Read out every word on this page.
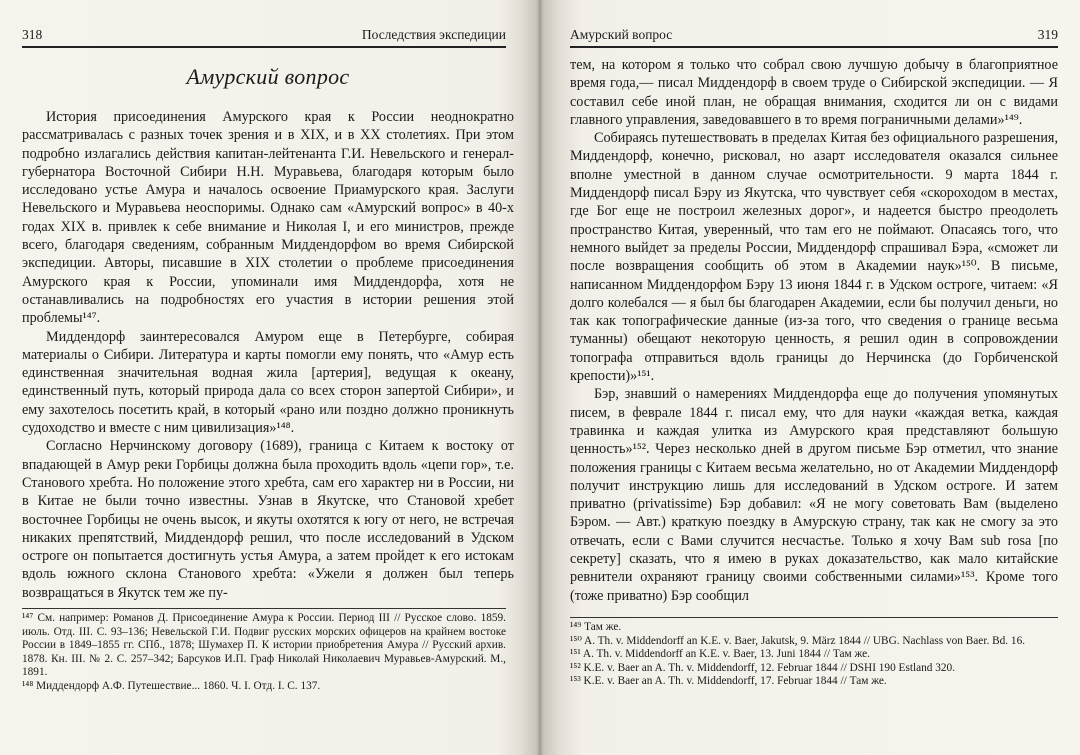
318	Последствия экспедиции
Амурский вопрос

История присоединения Амурского края к России неоднократно рассматривалась с разных точек зрения и в XIX, и в XX столетиях. При этом подробно излагались действия капитан-лейтенанта Г.И. Невельского и генерал-губернатора Восточной Сибири Н.Н. Муравьева, благодаря которым было исследовано устье Амура и началось освоение Приамурского края. Заслуги Невельского и Муравьева неоспоримы. Однако сам «Амурский вопрос» в 40-х годах XIX в. привлек к себе внимание и Николая I, и его министров, прежде всего, благодаря сведениям, собранным Миддендорфом во время Сибирской экспедиции. Авторы, писавшие в XIX столетии о проблеме присоединения Амурского края к России, упоминали имя Миддендорфа, хотя не останавливались на подробностях его участия в истории решения этой проблемы¹⁴⁷.

Миддендорф заинтересовался Амуром еще в Петербурге, собирая материалы о Сибири. Литература и карты помогли ему понять, что «Амур есть единственная значительная водная жила [артерия], ведущая к океану, единственный путь, который природа дала со всех сторон запертой Сибири», и ему захотелось посетить край, в который «рано или поздно должно проникнуть судоходство и вместе с ним цивилизация»¹⁴⁸.

Согласно Нерчинскому договору (1689), граница с Китаем к востоку от впадающей в Амур реки Горбицы должна была проходить вдоль «цепи гор», т.е. Станового хребта. Но положение этого хребта, сам его характер ни в России, ни в Китае не были точно известны. Узнав в Якутске, что Становой хребет восточнее Горбицы не очень высок, и якуты охотятся к югу от него, не встречая никаких препятствий, Миддендорф решил, что после исследований в Удском остроге он попытается достигнуть устья Амура, а затем пройдет к его истокам вдоль южного склона Станового хребта: «Ужели я должен был теперь возвращаться в Якутск тем же пу-

¹⁴⁷ См. например: Романов Д. Присоединение Амура к России. Период III // Русское слово. 1859. июль. Отд. III. С. 93–136; Невельской Г.И. Подвиг русских морских офицеров на крайнем востоке России в 1849–1855 гг. СПб., 1878; Шумахер П. К истории приобретения Амура // Русский архив. 1878. Кн. III. № 2. С. 257–342; Барсуков И.П. Граф Николай Николаевич Муравьев-Амурский. М., 1891.
¹⁴⁸ Миддендорф А.Ф. Путешествие... 1860. Ч. I. Отд. I. С. 137.
Амурский вопрос	319

тем, на котором я только что собрал свою лучшую добычу в благоприятное время года,— писал Миддендорф в своем труде о Сибирской экспедиции. — Я составил себе иной план, не обращая внимания, сходится ли он с видами главного управления, заведовавшего в то время пограничными делами»¹⁴⁹.

Собираясь путешествовать в пределах Китая без официального разрешения, Миддендорф, конечно, рисковал, но азарт исследователя оказался сильнее вполне уместной в данном случае осмотрительности. 9 марта 1844 г. Миддендорф писал Бэру из Якутска, что чувствует себя «скороходом в местах, где Бог еще не построил железных дорог», и надеется быстро преодолеть пространство Китая, уверенный, что там его не поймают. Опасаясь того, что немного выйдет за пределы России, Миддендорф спрашивал Бэра, «сможет ли после возвращения сообщить об этом в Академии наук»¹⁵⁰. В письме, написанном Миддендорфом Бэру 13 июня 1844 г. в Удском остроге, читаем: «Я долго колебался — я был бы благодарен Академии, если бы получил деньги, но так как топографические данные (из-за того, что сведения о границе весьма туманны) обещают некоторую ценность, я решил один в сопровождении топографа отправиться вдоль границы до Нерчинска (до Горбиченской крепости)»¹⁵¹.

Бэр, знавший о намерениях Миддендорфа еще до получения упомянутых писем, в феврале 1844 г. писал ему, что для науки «каждая ветка, каждая травинка и каждая улитка из Амурского края представляют большую ценность»¹⁵². Через несколько дней в другом письме Бэр отметил, что знание положения границы с Китаем весьма желательно, но от Академии Миддендорф получит инструкцию лишь для исследований в Удском остроге. И затем приватно (privatissime) Бэр добавил: «Я не могу советовать Вам (выделено Бэром. — Авт.) краткую поездку в Амурскую страну, так как не смогу за это отвечать, если с Вами случится несчастье. Только я хочу Вам sub rosa [по секрету] сказать, что я имею в руках доказательство, как мало китайские ревнители охраняют границу своими собственными силами»¹⁵³. Кроме того (тоже приватно) Бэр сообщил

¹⁴⁹ Там же.
¹⁵⁰ A. Th. v. Middendorff an K.E. v. Baer, Jakutsk, 9. März 1844 // UBG. Nachlass von Baer. Bd. 16.
¹⁵¹ A. Th. v. Middendorff an K.E. v. Baer, 13. Juni 1844 // Там же.
¹⁵² K.E. v. Baer an A. Th. v. Middendorff, 12. Februar 1844 // DSHI 190 Estland 320.
¹⁵³ K.E. v. Baer an A. Th. v. Middendorff, 17. Februar 1844 // Там же.
